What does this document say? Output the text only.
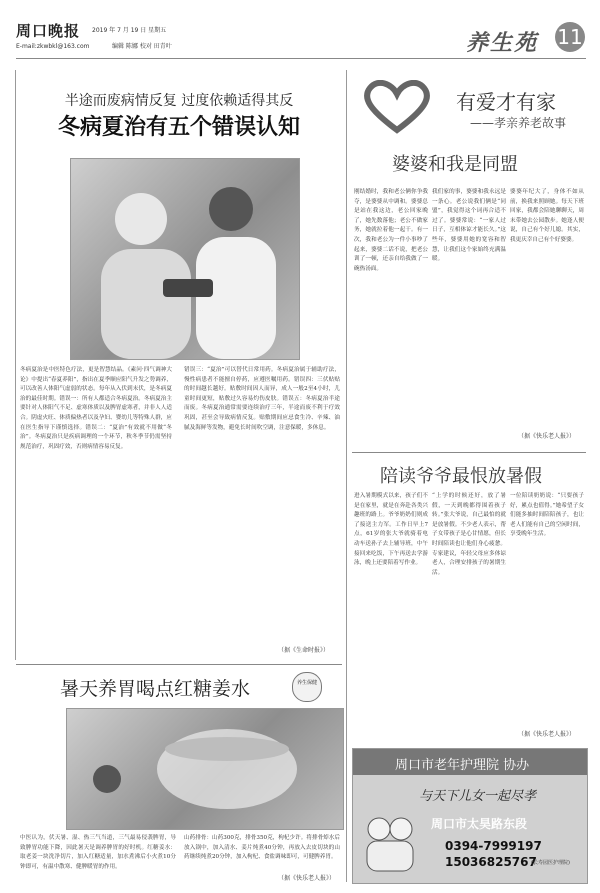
周口晚报 2019 年 7 月 19 日 星期五
E-mail:zkwbkl@163.com	编辑 陈娜 校对 田青叶	养生苑 11
半途而废病情反复 过度依赖适得其反
冬病夏治有五个错误认知
冬病夏治是中医特色疗法，更是智慧结晶。《素问·四气调神大论》中提出“春夏养阳”，指出在夏季顺应阳气升发之势调养，可以改善人体阳气虚弱的状态。每年从入伏到末伏，是冬病夏治的最佳时期。错误一：所有人都适合冬病夏治。冬病夏治主要针对人体阳气不足、虚寒体质以及脾胃虚寒者，并非人人适合。阴虚火旺、体质偏热者以及孕妇、婴幼儿等特殊人群，应在医生指导下谨慎选择。错误二：“夏治”有效就不用做“冬治”。冬病夏治只是疾病调理的一个环节，秋冬季节仍需坚持规范治疗，巩固疗效，否则病情容易反复。
错误三：“夏治”可以替代日常用药。冬病夏治属于辅助疗法，慢性病患者不能擅自停药，应遵医嘱用药。错误四：三伏贴贴的时间越长越好。贴敷时间因人而异，成人一般2至4小时，儿童时间更短，贴敷过久容易灼伤皮肤。错误五：冬病夏治半途而废。冬病夏治通常需要连续治疗三年，半途而废不利于疗效巩固，甚至会导致病情反复。贴敷期间应忌食生冷、辛辣、油腻及海鲜等发物，避免长时间吹空调，注意保暖，多休息。
（据《生命时报》）
暑天养胃喝点红糖姜水	养生保健
中医认为，伏天暑、湿、热三气当道，三气最易侵袭脾胃，导致脾胃功能下降，因此暑天是调养脾胃的好时机。红糖姜水：取老姜一块洗净切片，加入红糖适量，加水煮沸后小火煮10分钟即可，有温中散寒、健脾暖胃的作用。
山药排骨：山药300克，排骨350克，枸杞少许。将排骨焯水后放入锅中，加入清水、姜片炖煮40分钟，再放入去皮切块的山药继续炖煮20分钟，加入枸杞、食盐调味即可，可健脾养胃。
（据《快乐老人报》）
有爱才有家
——孝亲养老故事
婆婆和我是同盟
刚结婚时，我和老公俩你争我夺，是婆婆从中调和。婆婆总是站在我这边，老公回家晚了，她先数落他；老公不做家务，她就拉着他一起干。有一次，我和老公为一件小事吵了起来，婆婆二话不说，把老公训了一顿，还亲自给我做了一碗热汤面。
我们家的事，婆婆和我永远是一条心。老公说我们俩是“同盟”，我觉得这个词再合适不过了。婆婆常说：“一家人过日子，互相体谅才能长久。”这些年，婆婆用她的宽容和智慧，让我们这个家始终充满温暖。
婆婆年纪大了，身体不如从前，换我来照顾她。每天下班回家，我都会陪她聊聊天，周末带她去公园散步。她逢人便说，自己有个好儿媳。其实，我更庆幸自己有个好婆婆。
（据《快乐老人报》）
陪读爷爷最恨放暑假
进入暑期模式以来，孩子们不是在家里，就是在奔赴各类兴趣班的路上。爷爷奶奶们则成了接送主力军。工作日早上7点，61岁的张大爷就骑着电动车送孙子去上辅导班，中午接回来吃饭，下午再送去学游泳，晚上还要陪着写作业。
“上学的时候还好，放了暑假，一天到晚都得围着孩子转。”张大爷说，自己最怕的就是放暑假。不少老人表示，帮子女带孩子是心甘情愿，但长时间陪读也让他们身心疲惫。专家建议，年轻父母应多体谅老人，合理安排孩子的暑期生活。
一位陪读奶奶说：“只要孩子好，累点也值得。”她希望子女们能多抽时间陪陪孩子，也让老人们能有自己的空闲时间，享受晚年生活。
（据《快乐老人报》）
周口市老年护理院 协办
与天下儿女一起尽孝
周口市太昊路东段
0394-7999197
15036825767
(长寿园医护理院)
